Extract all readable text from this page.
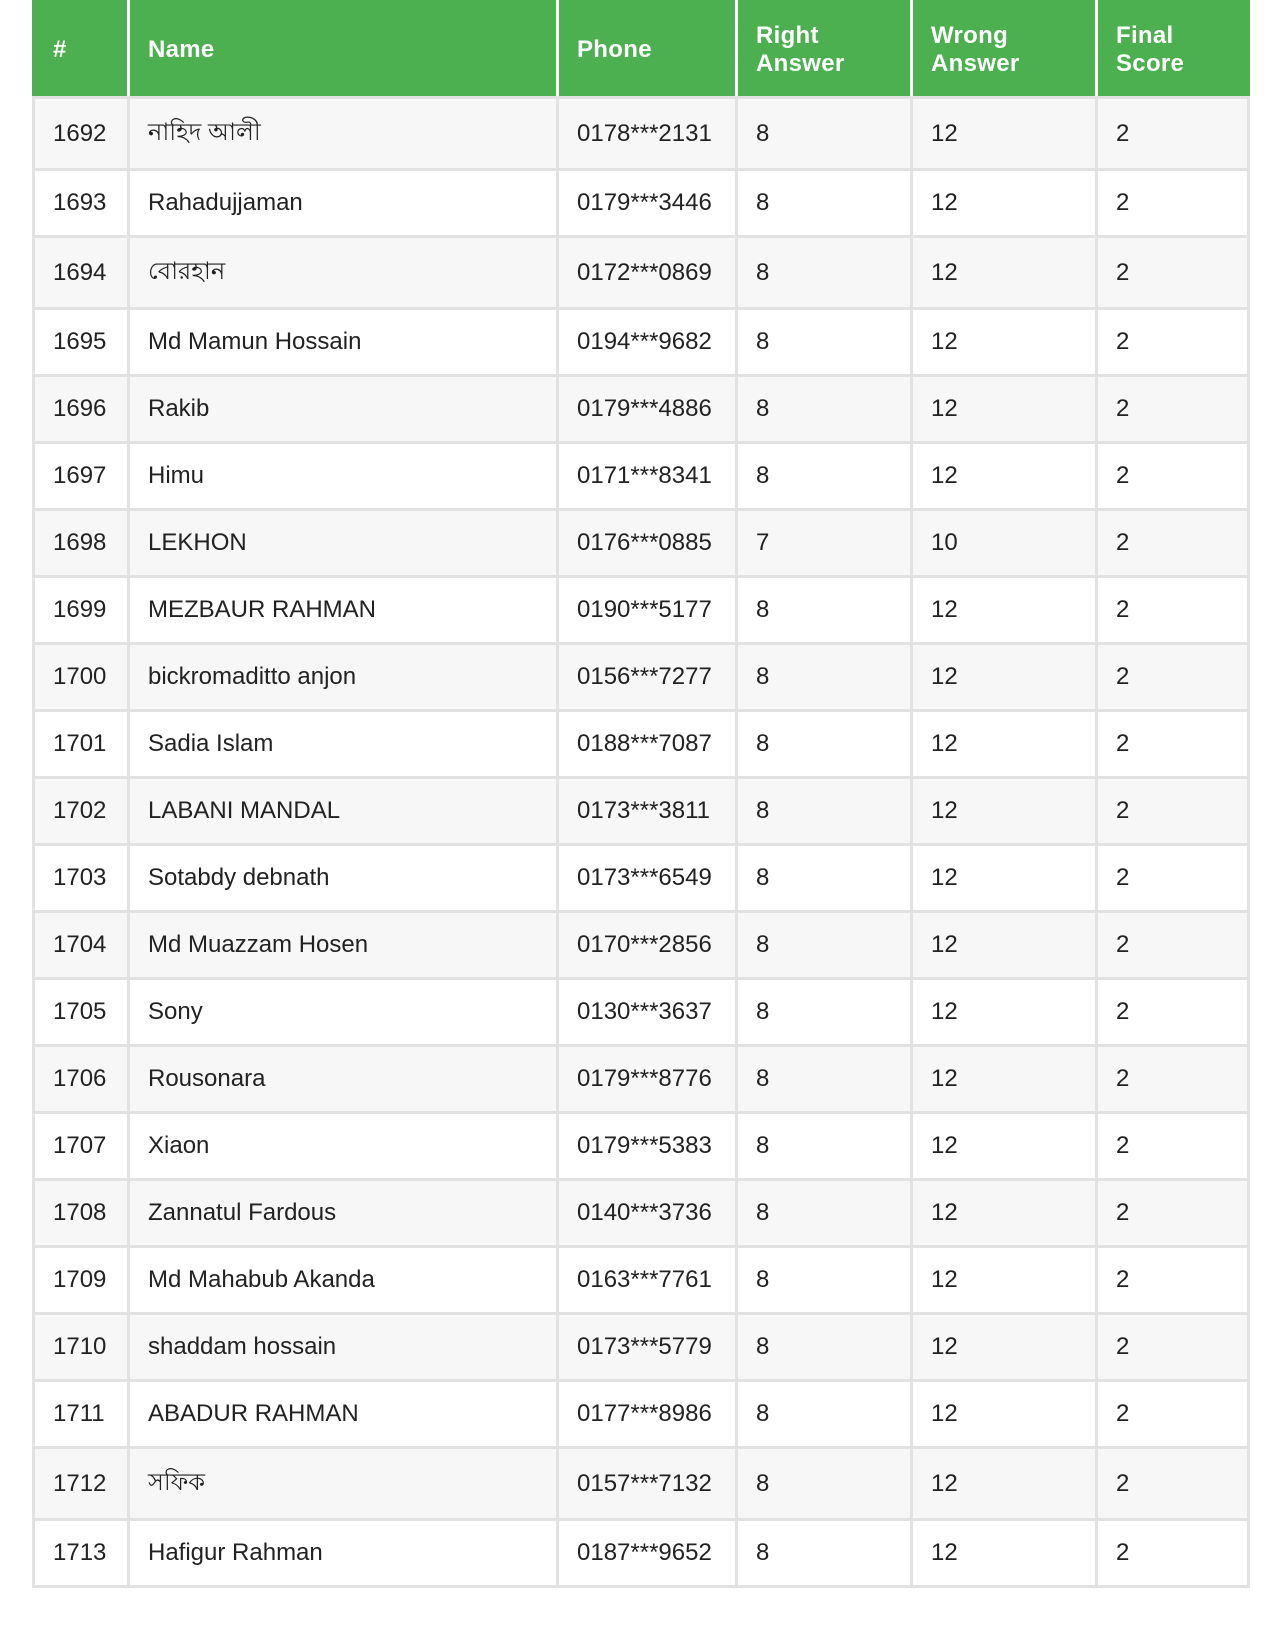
#	Name	Phone	Right Answer	Wrong Answer	Final Score
1692	নাহিদ আলী	0178***2131	8	12	2
1693	Rahadujjaman	0179***3446	8	12	2
1694	বোরহান	0172***0869	8	12	2
1695	Md Mamun Hossain	0194***9682	8	12	2
1696	Rakib	0179***4886	8	12	2
1697	Himu	0171***8341	8	12	2
1698	LEKHON	0176***0885	7	10	2
1699	MEZBAUR RAHMAN	0190***5177	8	12	2
1700	bickromaditto anjon	0156***7277	8	12	2
1701	Sadia Islam	0188***7087	8	12	2
1702	LABANI MANDAL	0173***3811	8	12	2
1703	Sotabdy debnath	0173***6549	8	12	2
1704	Md Muazzam Hosen	0170***2856	8	12	2
1705	Sony	0130***3637	8	12	2
1706	Rousonara	0179***8776	8	12	2
1707	Xiaon	0179***5383	8	12	2
1708	Zannatul Fardous	0140***3736	8	12	2
1709	Md Mahabub Akanda	0163***7761	8	12	2
1710	shaddam hossain	0173***5779	8	12	2
1711	ABADUR RAHMAN	0177***8986	8	12	2
1712	সফিক	0157***7132	8	12	2
1713	Hafigur Rahman	0187***9652	8	12	2
